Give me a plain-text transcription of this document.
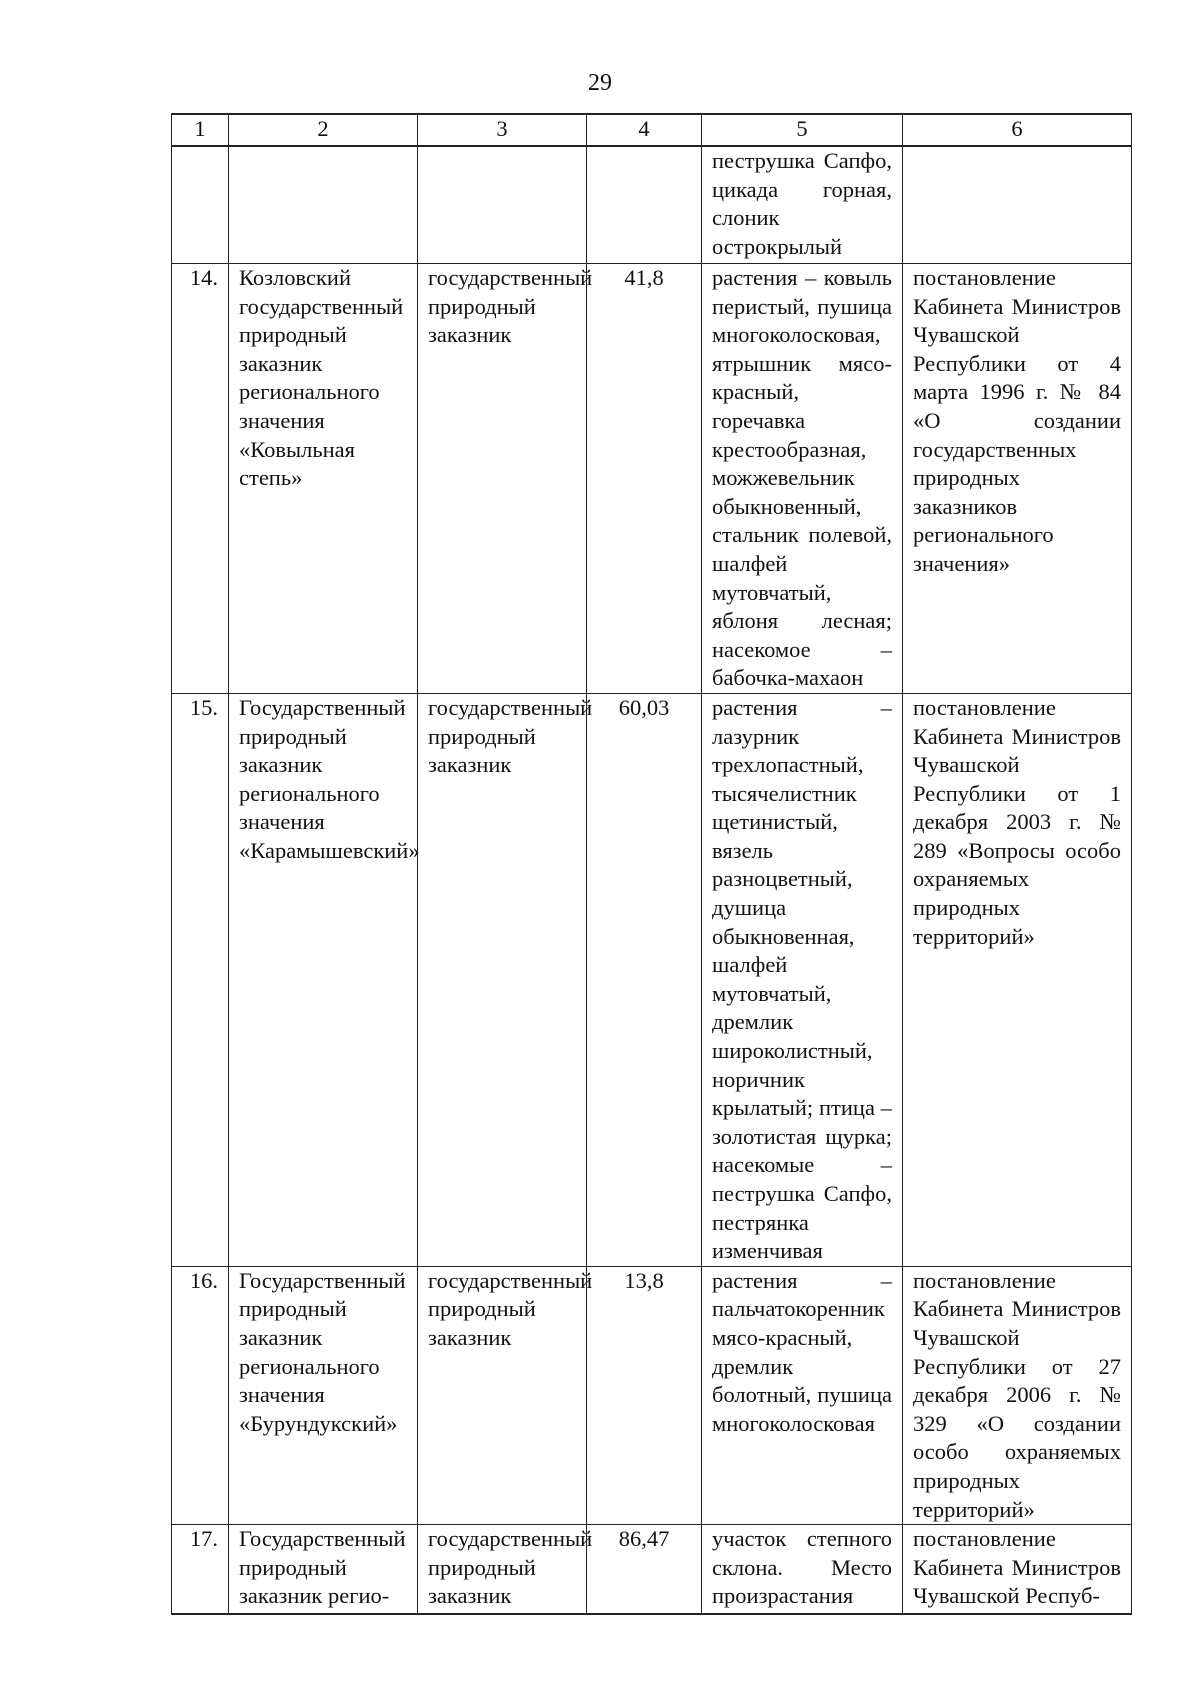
29
1	2	3	4	5	6
				пеструшка Сапфо, цикада горная, слоник острокрылый	
14.	Козловский государственный природный заказник регионального значения «Ковыльная степь»	государственный природный заказник	41,8	растения – ковыль перистый, пушица многоколосковая, ятрышник мясо-красный, горечавка крестообразная, можжевельник обыкновенный, стальник полевой, шалфей мутовчатый, яблоня лесная; насекомое – бабочка-махаон	постановление Кабинета Министров Чувашской Республики от 4 марта 1996 г. № 84 «О создании государственных природных заказников регионального значения»
15.	Государственный природный заказник регионального значения «Карамышевский»	государственный природный заказник	60,03	растения – лазурник трехлопастный, тысячелистник щетинистый, вязель разноцветный, душица обыкновенная, шалфей мутовчатый, дремлик широколистный, норичник крылатый; птица – золотистая щурка; насекомые – пеструшка Сапфо, пестрянка изменчивая	постановление Кабинета Министров Чувашской Республики от 1 декабря 2003 г. № 289 «Вопросы особо охраняемых природных территорий»
16.	Государственный природный заказник регионального значения «Бурундукский»	государственный природный заказник	13,8	растения – пальчатокоренник мясо-красный, дремлик болотный, пушица многоколосковая	постановление Кабинета Министров Чувашской Республики от 27 декабря 2006 г. № 329 «О создании особо охраняемых природных территорий»
17.	Государственный природный заказник регио-	государственный природный заказник	86,47	участок степного склона. Место произрастания	постановление Кабинета Министров Чувашской Респуб-
